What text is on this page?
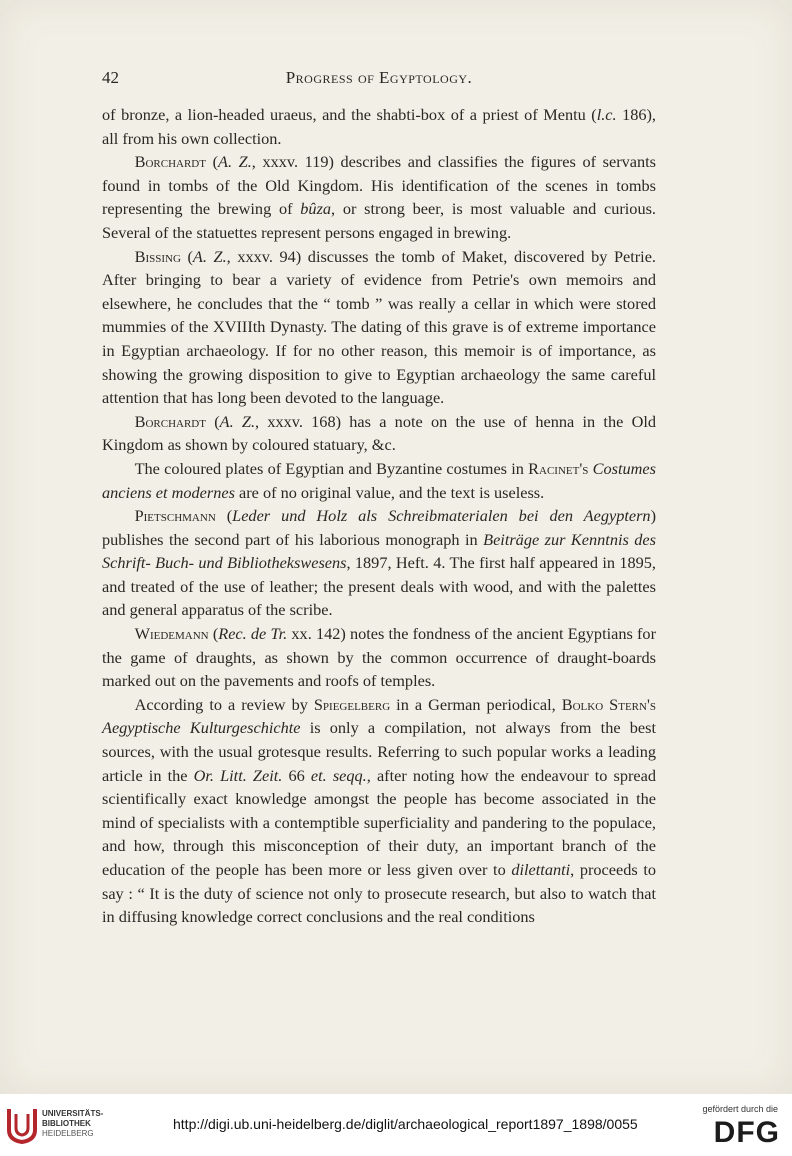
42	Progress of Egyptology.

of bronze, a lion-headed uraeus, and the shabti-box of a priest of Mentu (l.c. 186), all from his own collection.

Borchardt (A. Z., xxxv. 119) describes and classifies the figures of servants found in tombs of the Old Kingdom. His identification of the scenes in tombs representing the brewing of bûza, or strong beer, is most valuable and curious. Several of the statuettes represent persons engaged in brewing.

Bissing (A. Z., xxxv. 94) discusses the tomb of Maket, discovered by Petrie. After bringing to bear a variety of evidence from Petrie's own memoirs and elsewhere, he concludes that the “ tomb ” was really a cellar in which were stored mummies of the XVIIIth Dynasty. The dating of this grave is of extreme importance in Egyptian archaeology. If for no other reason, this memoir is of importance, as showing the growing disposition to give to Egyptian archaeology the same careful attention that has long been devoted to the language.

Borchardt (A. Z., xxxv. 168) has a note on the use of henna in the Old Kingdom as shown by coloured statuary, &c.

The coloured plates of Egyptian and Byzantine costumes in Racinet's Costumes anciens et modernes are of no original value, and the text is useless.

Pietschmann (Leder und Holz als Schreibmaterialen bei den Aegyptern) publishes the second part of his laborious monograph in Beiträge zur Kenntnis des Schrift- Buch- und Bibliothekswesens, 1897, Heft. 4. The first half appeared in 1895, and treated of the use of leather; the present deals with wood, and with the palettes and general apparatus of the scribe.

Wiedemann (Rec. de Tr. xx. 142) notes the fondness of the ancient Egyptians for the game of draughts, as shown by the common occurrence of draught-boards marked out on the pavements and roofs of temples.

According to a review by Spiegelberg in a German periodical, Bolko Stern's Aegyptische Kulturgeschichte is only a compilation, not always from the best sources, with the usual grotesque results. Referring to such popular works a leading article in the Or. Litt. Zeit. 66 et. seqq., after noting how the endeavour to spread scientifically exact knowledge amongst the people has become associated in the mind of specialists with a contemptible superficiality and pandering to the populace, and how, through this misconception of their duty, an important branch of the education of the people has been more or less given over to dilettanti, proceeds to say : “ It is the duty of science not only to prosecute research, but also to watch that in diffusing knowledge correct conclusions and the real conditions

UNIVERSITÄTS-
BIBLIOTHEK
HEIDELBERG
http://digi.ub.uni-heidelberg.de/diglit/archaeological_report1897_1898/0055
gefördert durch die
DFG
